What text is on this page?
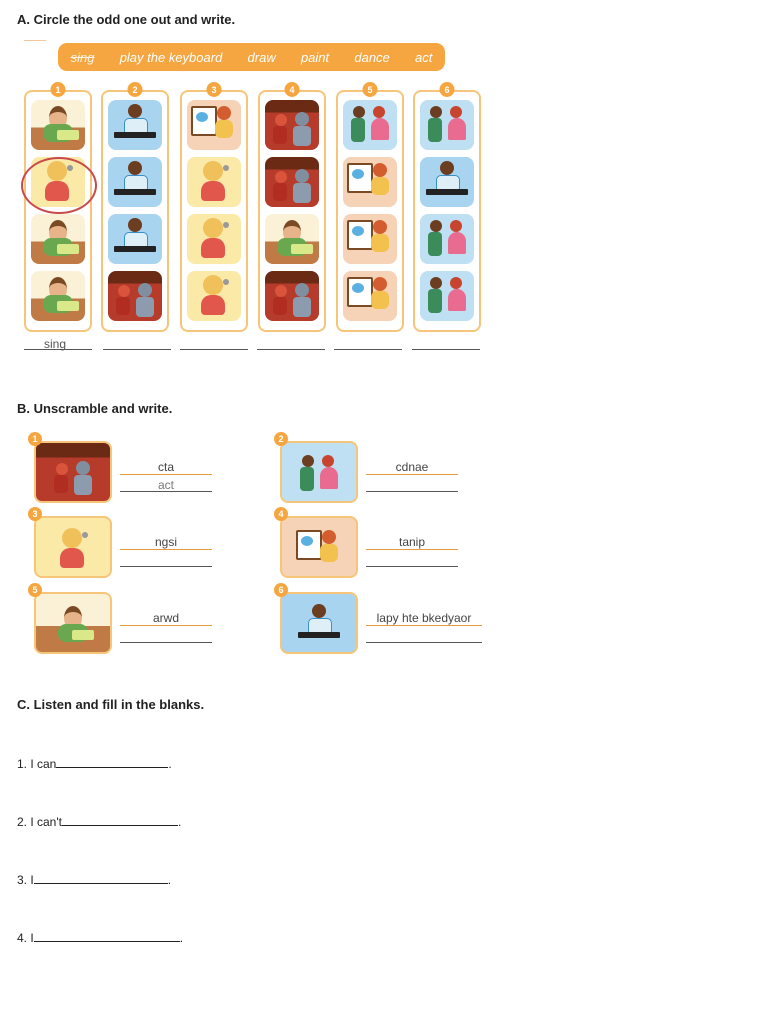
A. Circle the odd one out and write.
sing play the keyboard draw paint dance act
1	2	3	4	5	6
sing
B. Unscramble and write.
1
cta
act
2
cdnae
3
ngsi
4
tanip
5
arwd
6
lapy hte bkedyaor
C. Listen and fill in the blanks.
1. I can	.
2. I can't	.
3. I	.
4. I	.
